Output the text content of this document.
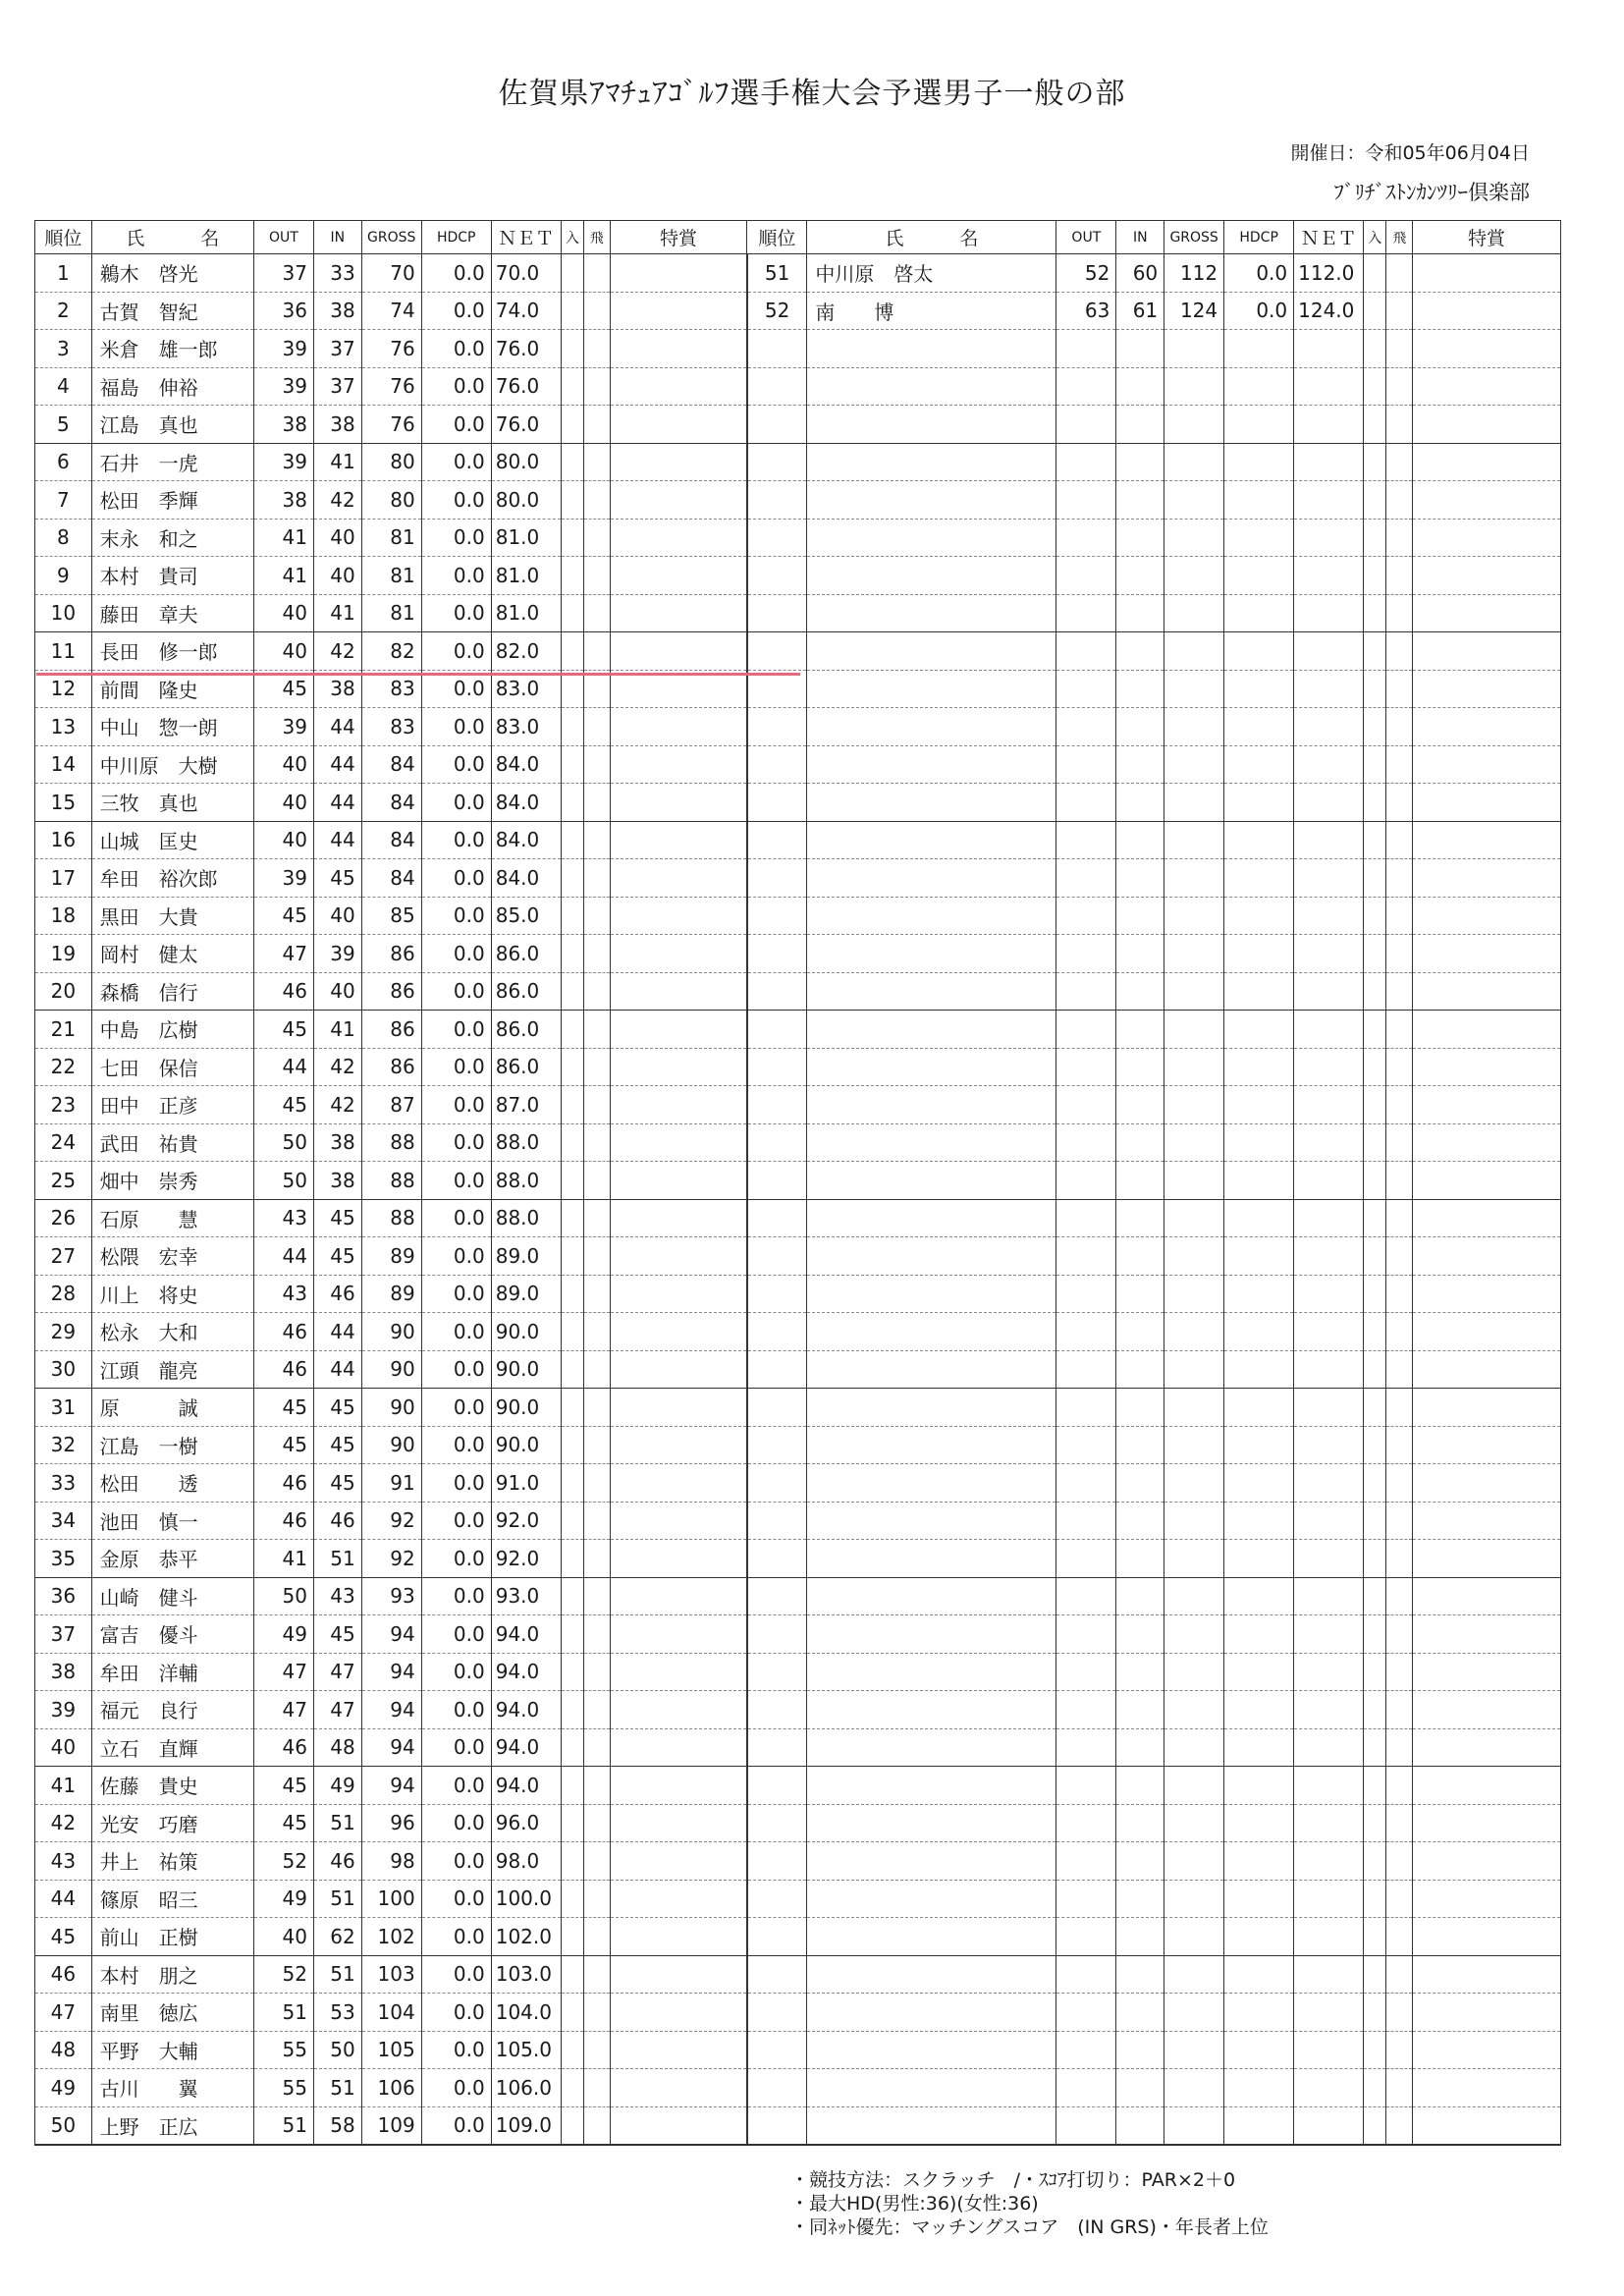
佐賀県ｱﾏﾁｭｱｺﾞﾙﾌ選手権大会予選男子一般の部
開催日：令和05年06月04日
ﾌﾞﾘﾁﾞｽﾄﾝｶﾝﾂﾘｰ倶楽部
順位	氏　　　名	OUT	IN	GROSS	HDCP	ＮＥＴ	入	飛	特賞	順位	氏　　　名	OUT	IN	GROSS	HDCP	ＮＥＴ	入	飛	特賞
1	鵜木　啓光	37	33	70	0.0	70.0				51	中川原　啓太	52	60	112	0.0	112.0			
2	古賀　智紀	36	38	74	0.0	74.0				52	南　　博	63	61	124	0.0	124.0			
3	米倉　雄一郎	39	37	76	0.0	76.0													
4	福島　伸裕	39	37	76	0.0	76.0													
5	江島　真也	38	38	76	0.0	76.0													
6	石井　一虎	39	41	80	0.0	80.0													
7	松田　季輝	38	42	80	0.0	80.0													
8	末永　和之	41	40	81	0.0	81.0													
9	本村　貴司	41	40	81	0.0	81.0													
10	藤田　章夫	40	41	81	0.0	81.0													
11	長田　修一郎	40	42	82	0.0	82.0													
12	前間　隆史	45	38	83	0.0	83.0													
13	中山　惣一朗	39	44	83	0.0	83.0													
14	中川原　大樹	40	44	84	0.0	84.0													
15	三牧　真也	40	44	84	0.0	84.0													
16	山城　匡史	40	44	84	0.0	84.0													
17	牟田　裕次郎	39	45	84	0.0	84.0													
18	黒田　大貴	45	40	85	0.0	85.0													
19	岡村　健太	47	39	86	0.0	86.0													
20	森橋　信行	46	40	86	0.0	86.0													
21	中島　広樹	45	41	86	0.0	86.0													
22	七田　保信	44	42	86	0.0	86.0													
23	田中　正彦	45	42	87	0.0	87.0													
24	武田　祐貴	50	38	88	0.0	88.0													
25	畑中　崇秀	50	38	88	0.0	88.0													
26	石原　　慧	43	45	88	0.0	88.0													
27	松隈　宏幸	44	45	89	0.0	89.0													
28	川上　将史	43	46	89	0.0	89.0													
29	松永　大和	46	44	90	0.0	90.0													
30	江頭　龍亮	46	44	90	0.0	90.0													
31	原　　　誠	45	45	90	0.0	90.0													
32	江島　一樹	45	45	90	0.0	90.0													
33	松田　　透	46	45	91	0.0	91.0													
34	池田　慎一	46	46	92	0.0	92.0													
35	金原　恭平	41	51	92	0.0	92.0													
36	山崎　健斗	50	43	93	0.0	93.0													
37	富吉　優斗	49	45	94	0.0	94.0													
38	牟田　洋輔	47	47	94	0.0	94.0													
39	福元　良行	47	47	94	0.0	94.0													
40	立石　直輝	46	48	94	0.0	94.0													
41	佐藤　貴史	45	49	94	0.0	94.0													
42	光安　巧磨	45	51	96	0.0	96.0													
43	井上　祐策	52	46	98	0.0	98.0													
44	篠原　昭三	49	51	100	0.0	100.0													
45	前山　正樹	40	62	102	0.0	102.0													
46	本村　朋之	52	51	103	0.0	103.0													
47	南里　徳広	51	53	104	0.0	104.0													
48	平野　大輔	55	50	105	0.0	105.0													
49	古川　　翼	55	51	106	0.0	106.0													
50	上野　正広	51	58	109	0.0	109.0													
・競技方法：スクラッチ　/・ｽｺｱ打切り：PAR×2＋0
・最大HD(男性:36)(女性:36)
・同ﾈｯﾄ優先：マッチングスコア　(IN GRS)・年長者上位
